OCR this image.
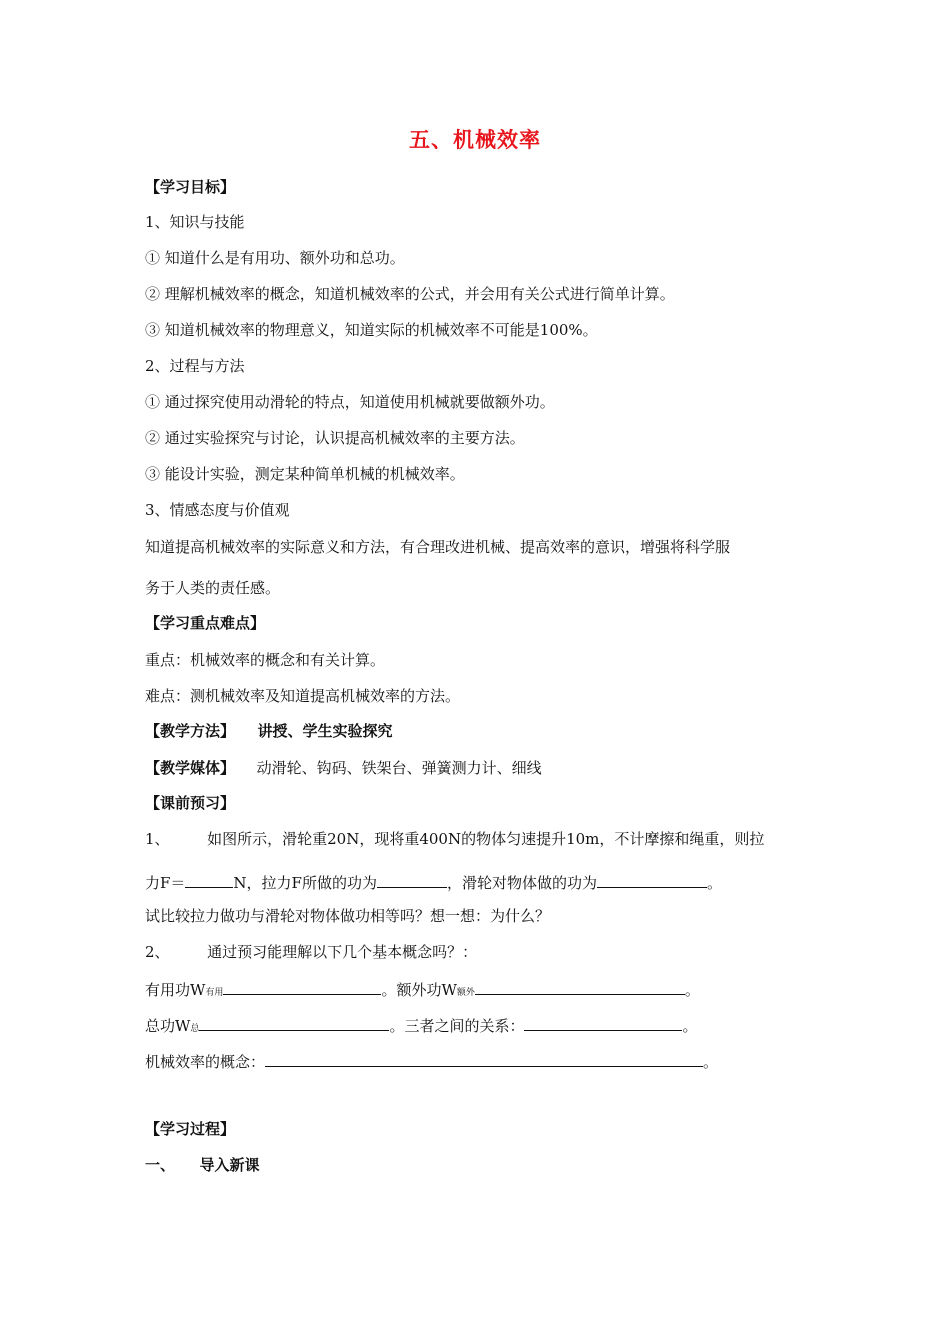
五、机械效率
【学习目标】
1、知识与技能
① 知道什么是有用功、额外功和总功。
② 理解机械效率的概念，知道机械效率的公式，并会用有关公式进行简单计算。
③ 知道机械效率的物理意义，知道实际的机械效率不可能是100%。
2、过程与方法
① 通过探究使用动滑轮的特点，知道使用机械就要做额外功。
② 通过实验探究与讨论，认识提高机械效率的主要方法。
③ 能设计实验，测定某种简单机械的机械效率。
3、情感态度与价值观
知道提高机械效率的实际意义和方法，有合理改进机械、提高效率的意识，增强将科学服
务于人类的责任感。
【学习重点难点】
重点：机械效率的概念和有关计算。
难点：测机械效率及知道提高机械效率的方法。
【教学方法】 讲授、学生实验探究
【教学媒体】 动滑轮、钩码、铁架台、弹簧测力计、细线
【课前预习】
1、	如图所示，滑轮重20N，现将重400N的物体匀速提升10m，不计摩擦和绳重，则拉
力F＝	N，拉力F所做的功为	，滑轮对物体做的功为	。
试比较拉力做功与滑轮对物体做功相等吗？想一想：为什么？
2、	通过预习能理解以下几个基本概念吗？：
有用功W有用	。额外功W额外	。
总功W总	。三者之间的关系：	。
机械效率的概念：	。
【学习过程】
一、 导入新课
